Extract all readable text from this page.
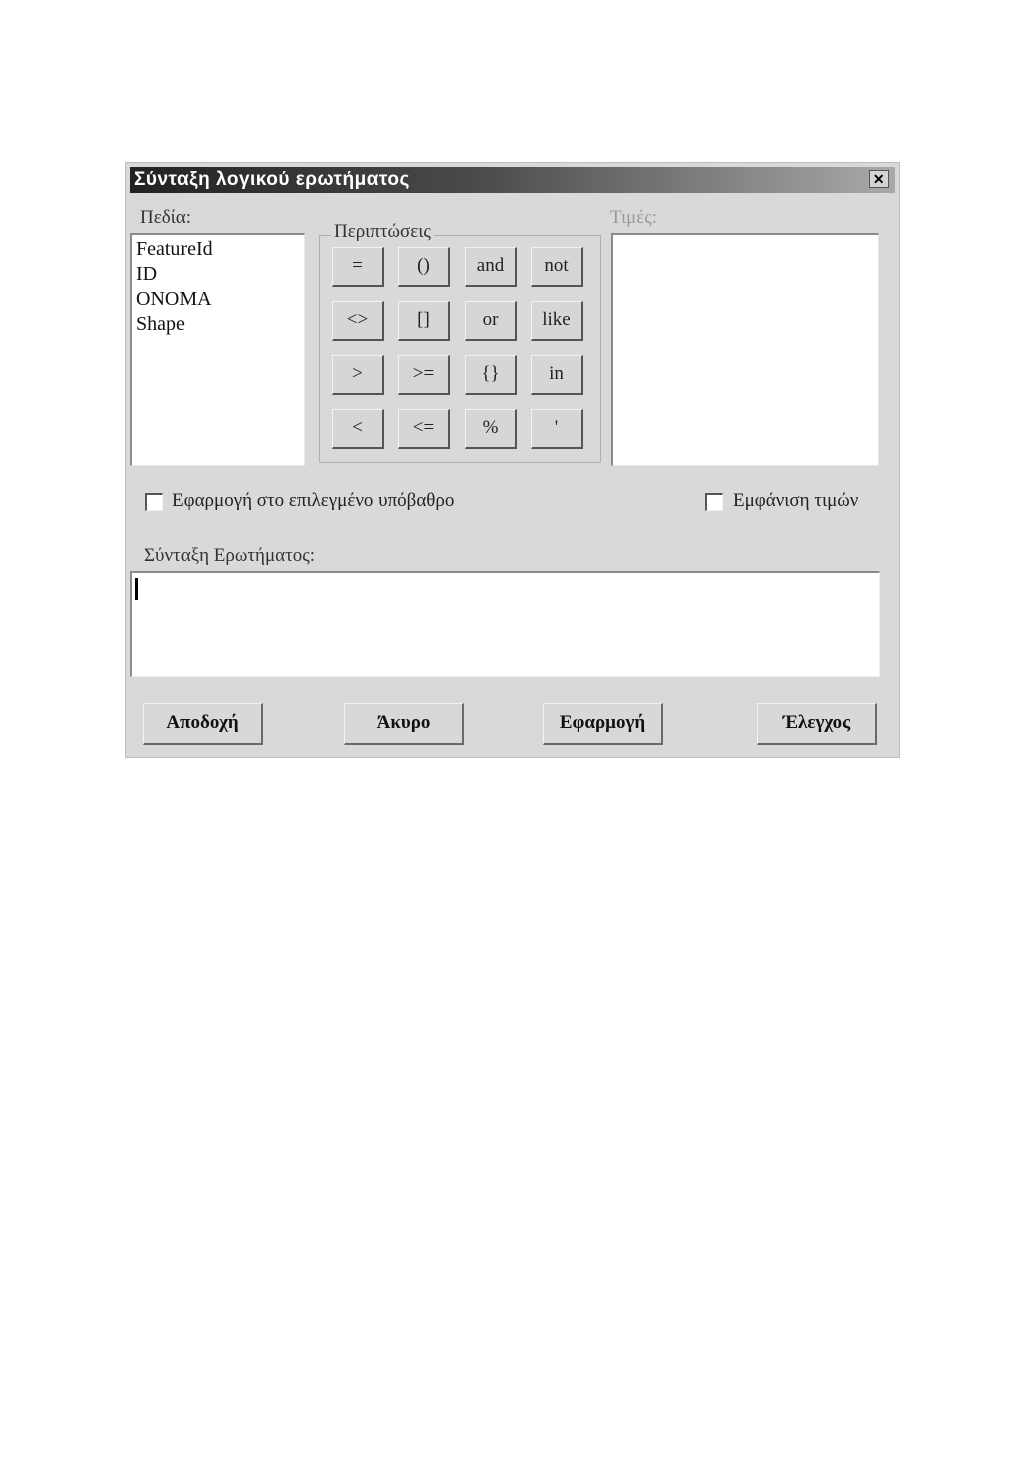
Σύνταξη λογικού ερωτήματος	✕
Πεδία:
FeatureId
ID
ONOMA
Shape
Περιπτώσεις
=	()	and	not
<>	[]	or	like
>	>=	{}	in
<	<=	%	'
Τιμές:
Εφαρμογή στο επιλεγμένο υπόβαθρο	Εμφάνιση τιμών
Σύνταξη Ερωτήματος:
Αποδοχή	Άκυρο	Εφαρμογή	Έλεγχος
